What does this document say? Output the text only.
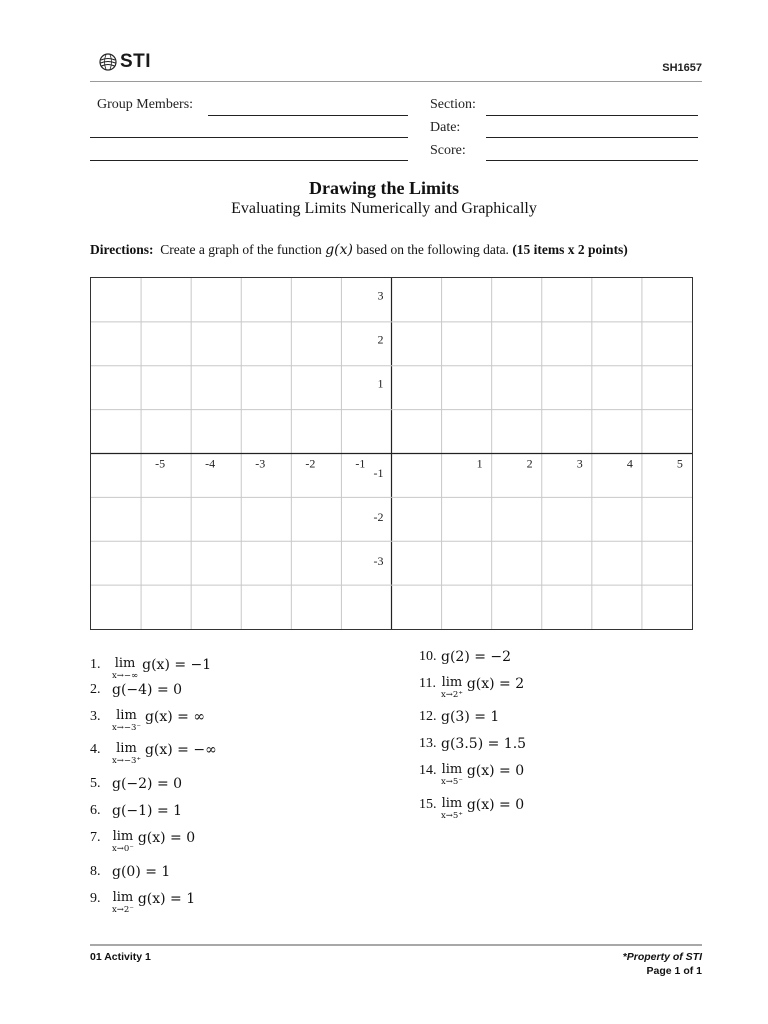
STI	SH1657
Group Members:	Section:
Date:
Score:
Drawing the Limits
Evaluating Limits Numerically and Graphically
Directions: Create a graph of the function g(x) based on the following data. (15 items x 2 points)
-5	-4	-3	-2	-1	1	2	3	4	5
3
2
1
-1
-2
-3
01 Activity 1	*Property of STI
Page 1 of 1
1.	lim
x→−∞
g(x) = −1
2. g(−4) = 0
3.	lim
x→−3⁻
g(x) = ∞
4.	lim
x→−3⁺
g(x) = −∞
5. g(−2) = 0
6. g(−1) = 1
7. lim
x→0⁻
g(x) = 0
8. g(0) = 1
9. lim
x→2⁻
g(x) = 1
10. g(2) = −2
11. lim
x→2⁺
g(x) = 2
12. g(3) = 1
13. g(3.5) = 1.5
14. lim
x→5⁻
g(x) = 0
15. lim
x→5⁺
g(x) = 0
